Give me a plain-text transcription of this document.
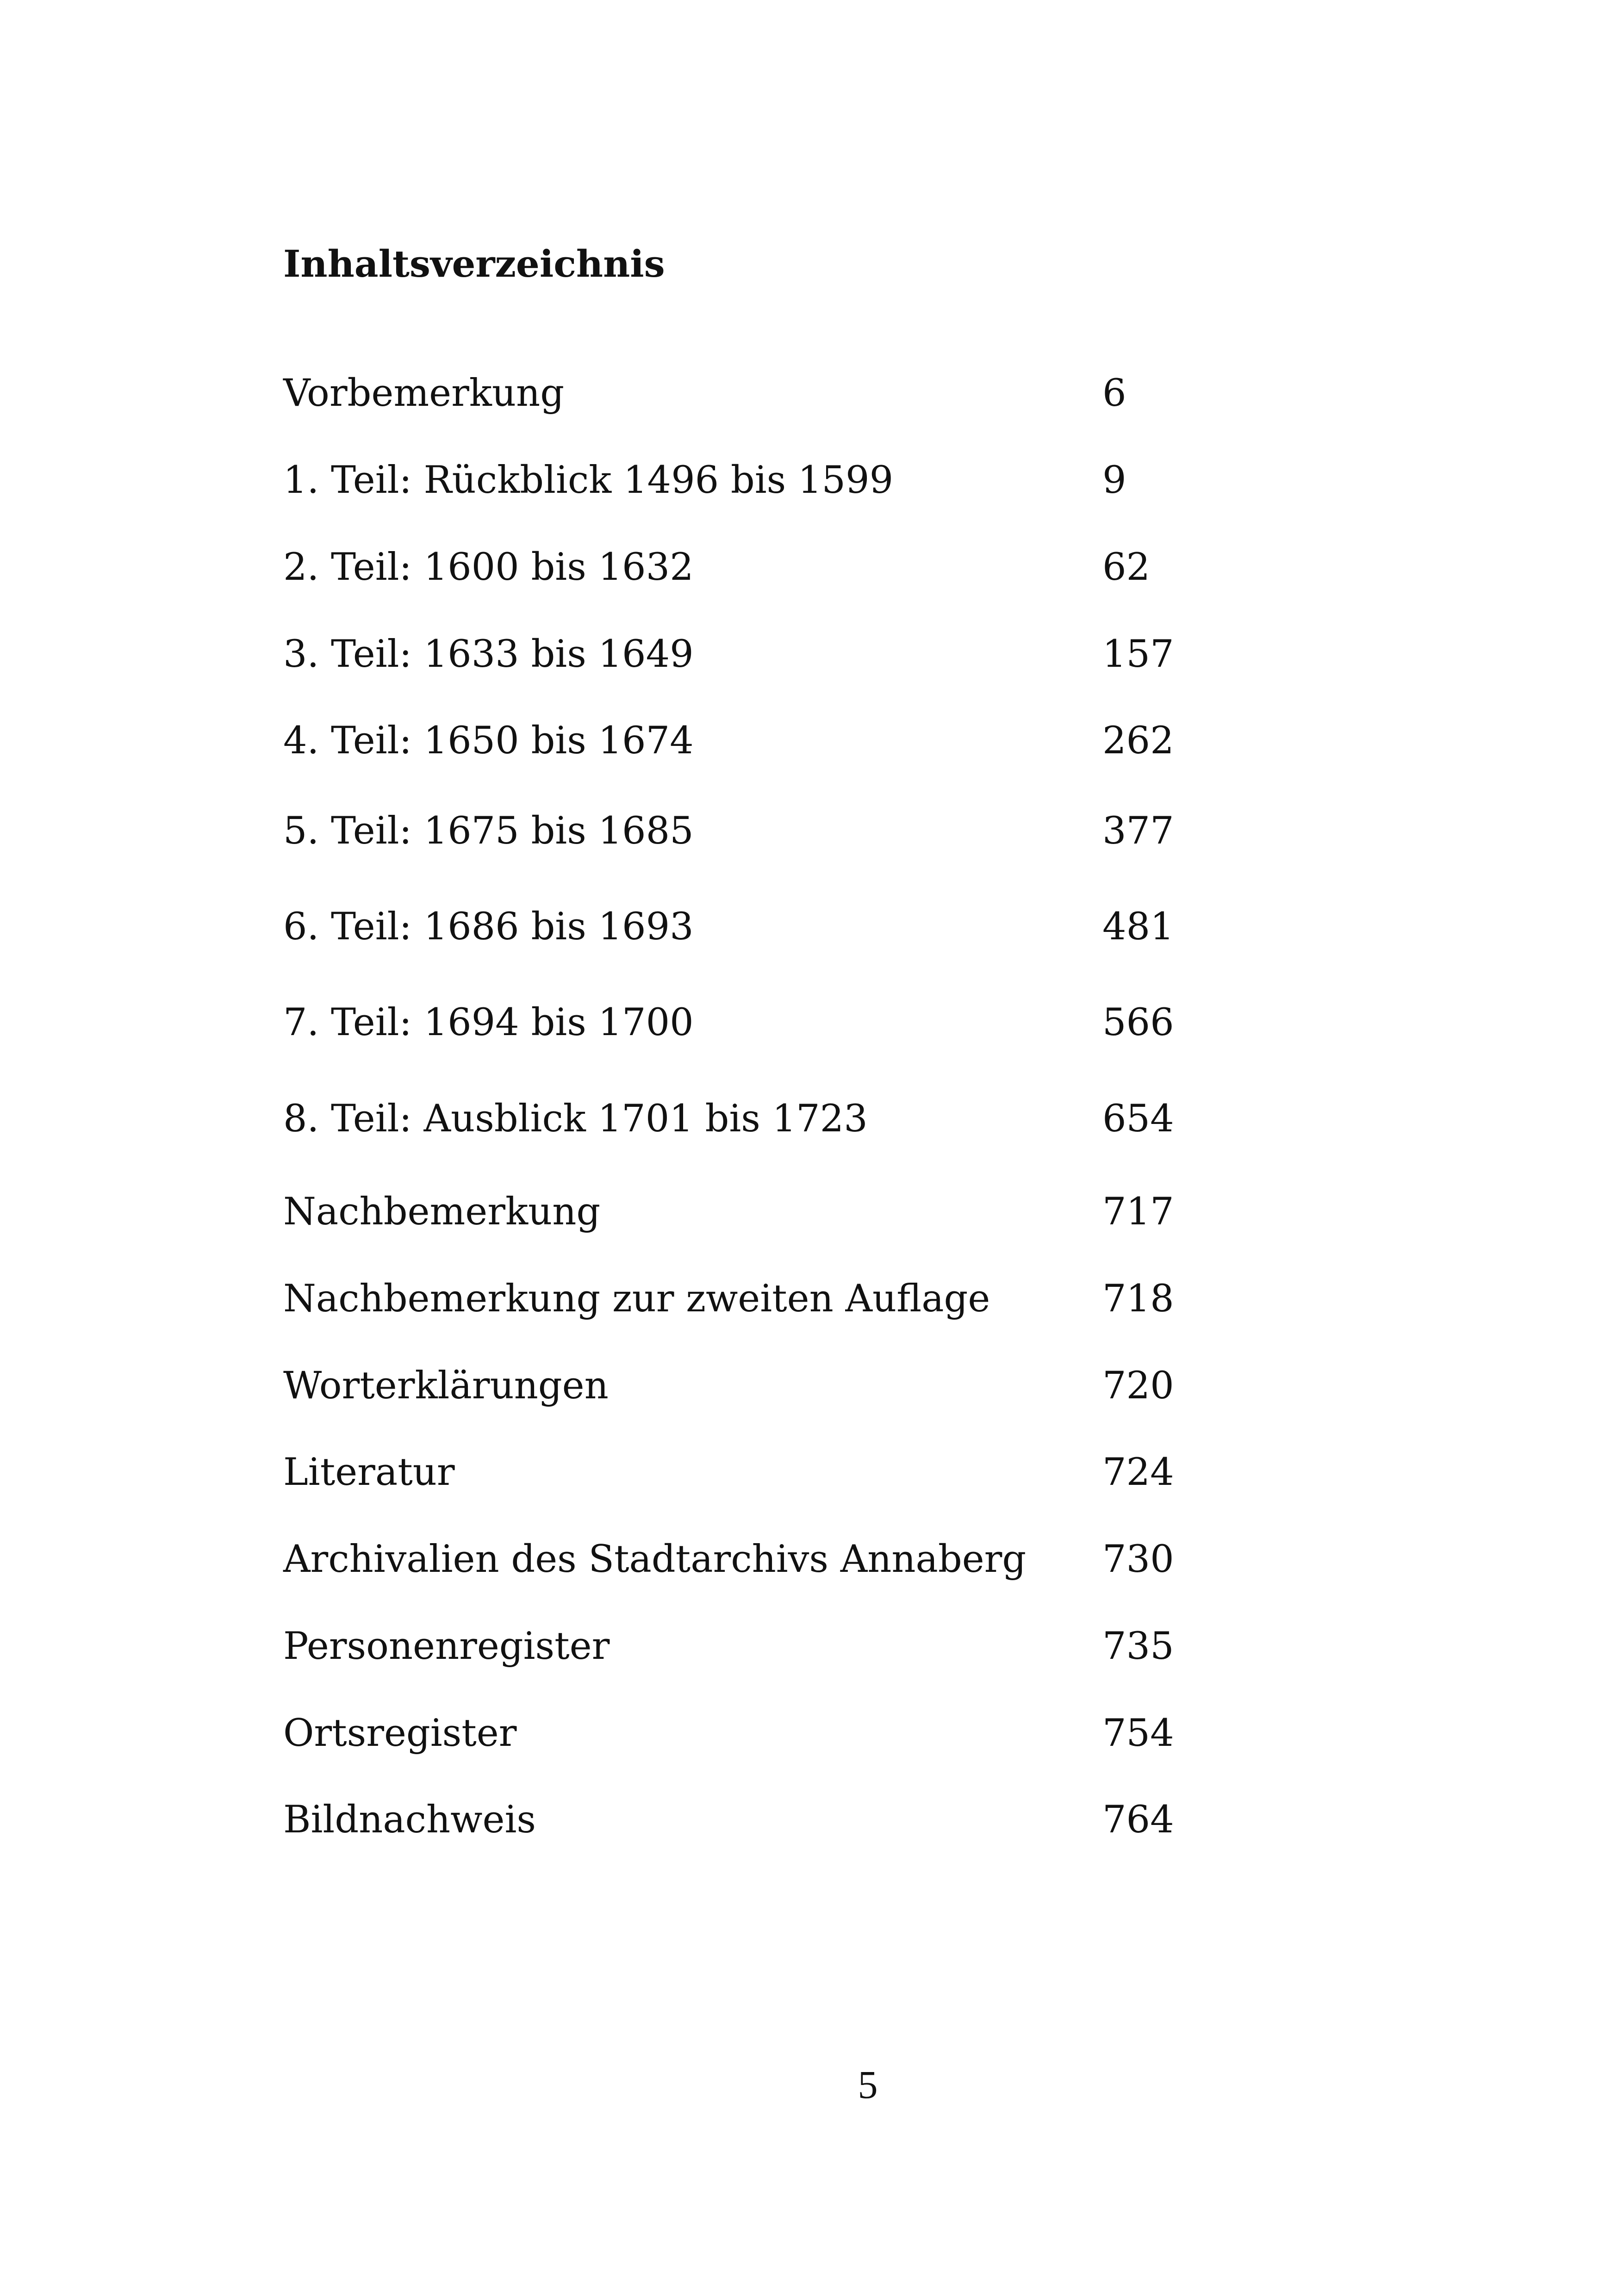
Inhaltsverzeichnis
Vorbemerkung	6
1. Teil: Rückblick 1496 bis 1599	9
2. Teil: 1600 bis 1632	62
3. Teil: 1633 bis 1649	157
4. Teil: 1650 bis 1674	262
5. Teil: 1675 bis 1685	377
6. Teil: 1686 bis 1693	481
7. Teil: 1694 bis 1700	566
8. Teil: Ausblick 1701 bis 1723	654
Nachbemerkung	717
Nachbemerkung zur zweiten Auflage	718
Worterklärungen	720
Literatur	724
Archivalien des Stadtarchivs Annaberg 730
Personenregister	735
Ortsregister	754
Bildnachweis	764
5
